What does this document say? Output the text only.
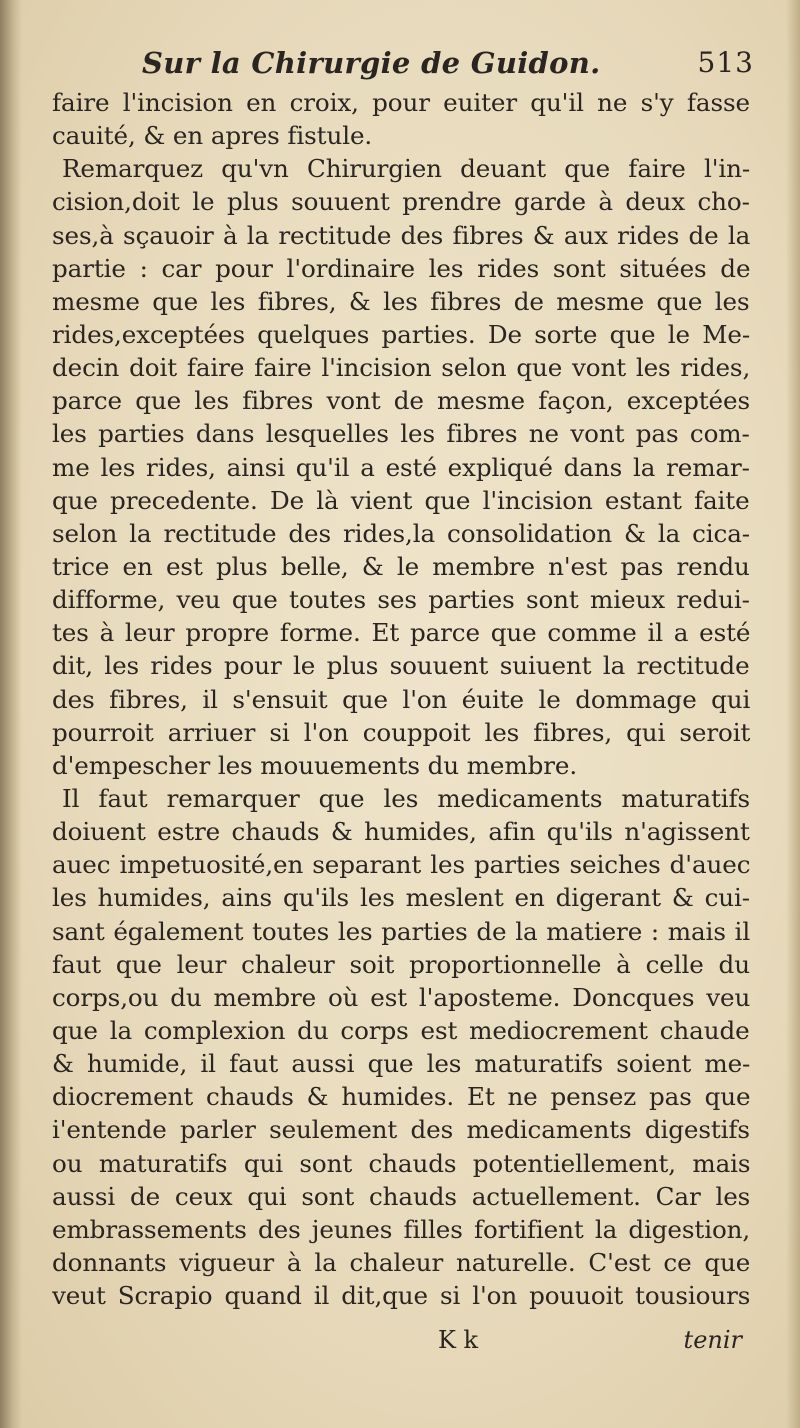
Sur la Chirurgie de Guidon.	513
faire l'incision en croix, pour euiter qu'il ne s'y fasse
cauité, & en apres fistule.
Remarquez qu'vn Chirurgien deuant que faire l'in-
cision,doit le plus souuent prendre garde à deux cho-
ses,à sçauoir à la rectitude des fibres & aux rides de la
partie : car pour l'ordinaire les rides sont situées de
mesme que les fibres, & les fibres de mesme que les
rides,exceptées quelques parties. De sorte que le Me-
decin doit faire faire l'incision selon que vont les rides,
parce que les fibres vont de mesme façon, exceptées
les parties dans lesquelles les fibres ne vont pas com-
me les rides, ainsi qu'il a esté expliqué dans la remar-
que precedente. De là vient que l'incision estant faite
selon la rectitude des rides,la consolidation & la cica-
trice en est plus belle, & le membre n'est pas rendu
difforme, veu que toutes ses parties sont mieux redui-
tes à leur propre forme. Et parce que comme il a esté
dit, les rides pour le plus souuent suiuent la rectitude
des fibres, il s'ensuit que l'on éuite le dommage qui
pourroit arriuer si l'on couppoit les fibres, qui seroit
d'empescher les mouuements du membre.
Il faut remarquer que les medicaments maturatifs
doiuent estre chauds & humides, afin qu'ils n'agissent
auec impetuosité,en separant les parties seiches d'auec
les humides, ains qu'ils les meslent en digerant & cui-
sant également toutes les parties de la matiere : mais il
faut que leur chaleur soit proportionnelle à celle du
corps,ou du membre où est l'aposteme. Doncques veu
que la complexion du corps est mediocrement chaude
& humide, il faut aussi que les maturatifs soient me-
diocrement chauds & humides. Et ne pensez pas que
i'entende parler seulement des medicaments digestifs
ou maturatifs qui sont chauds potentiellement, mais
aussi de ceux qui sont chauds actuellement. Car les
embrassements des jeunes filles fortifient la digestion,
donnants vigueur à la chaleur naturelle. C'est ce que
veut Scrapio quand il dit,que si l'on pouuoit tousiours
K k	tenir
